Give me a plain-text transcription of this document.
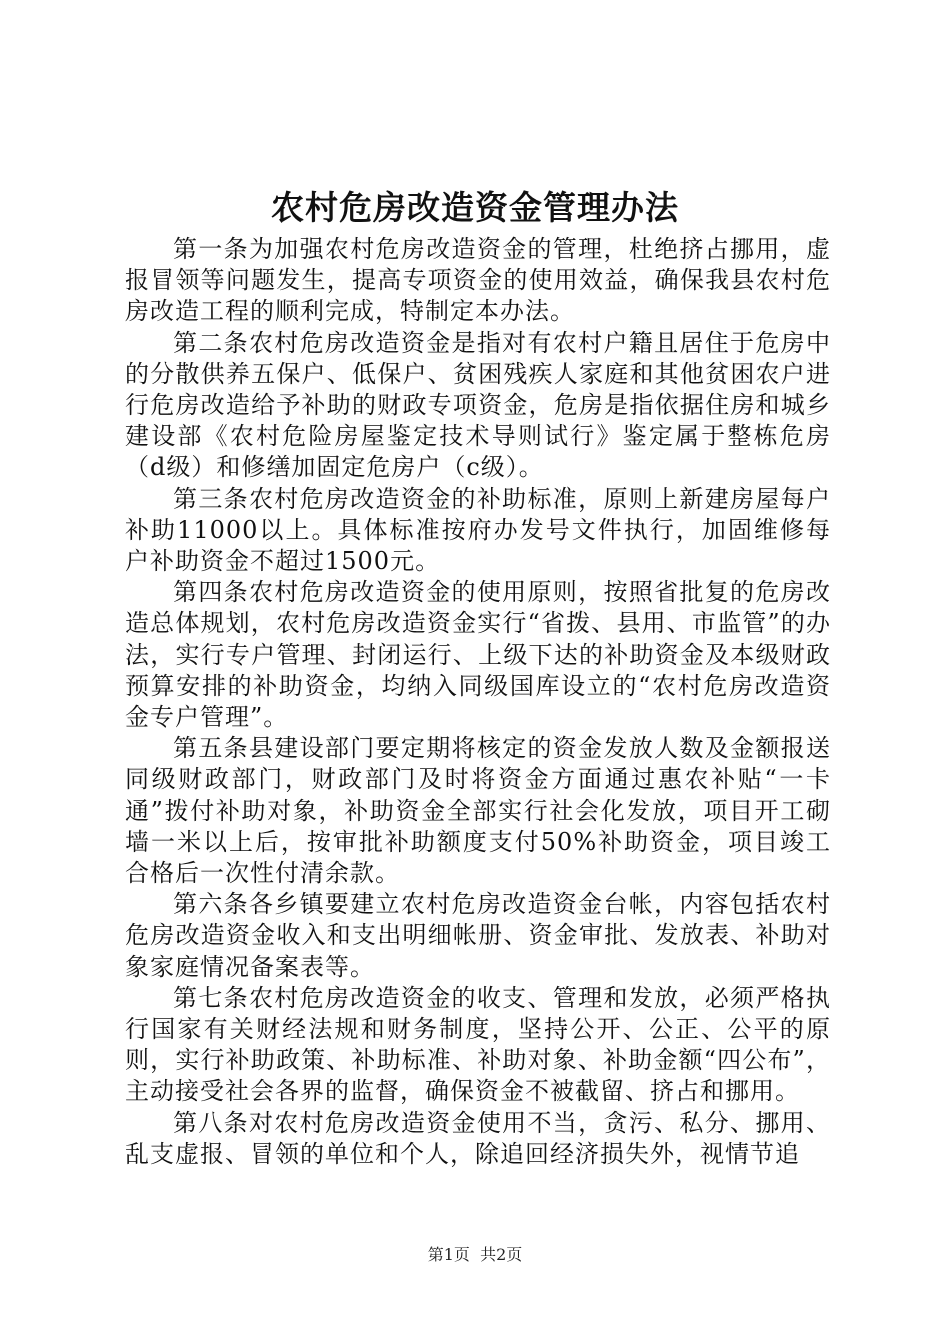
农村危房改造资金管理办法

第一条为加强农村危房改造资金的管理，杜绝挤占挪用，虚报冒领等问题发生，提高专项资金的使用效益，确保我县农村危房改造工程的顺利完成，特制定本办法。

第二条农村危房改造资金是指对有农村户籍且居住于危房中的分散供养五保户、低保户、贫困残疾人家庭和其他贫困农户进行危房改造给予补助的财政专项资金，危房是指依据住房和城乡建设部《农村危险房屋鉴定技术导则试行》鉴定属于整栋危房（d级）和修缮加固定危房户（c级）。

第三条农村危房改造资金的补助标准，原则上新建房屋每户补助11000以上。具体标准按府办发号文件执行，加固维修每户补助资金不超过1500元。

第四条农村危房改造资金的使用原则，按照省批复的危房改造总体规划，农村危房改造资金实行“省拨、县用、市监管”的办法，实行专户管理、封闭运行、上级下达的补助资金及本级财政预算安排的补助资金，均纳入同级国库设立的“农村危房改造资金专户管理”。

第五条县建设部门要定期将核定的资金发放人数及金额报送同级财政部门，财政部门及时将资金方面通过惠农补贴“一卡通”拨付补助对象，补助资金全部实行社会化发放，项目开工砌墙一米以上后，按审批补助额度支付50%补助资金，项目竣工合格后一次性付清余款。

第六条各乡镇要建立农村危房改造资金台帐，内容包括农村危房改造资金收入和支出明细帐册、资金审批、发放表、补助对象家庭情况备案表等。

第七条农村危房改造资金的收支、管理和发放，必须严格执行国家有关财经法规和财务制度，坚持公开、公正、公平的原则，实行补助政策、补助标准、补助对象、补助金额“四公布”，主动接受社会各界的监督，确保资金不被截留、挤占和挪用。

第八条对农村危房改造资金使用不当，贪污、私分、挪用、乱支虚报、冒领的单位和个人，除追回经济损失外，视情节追

第1页 共2页
